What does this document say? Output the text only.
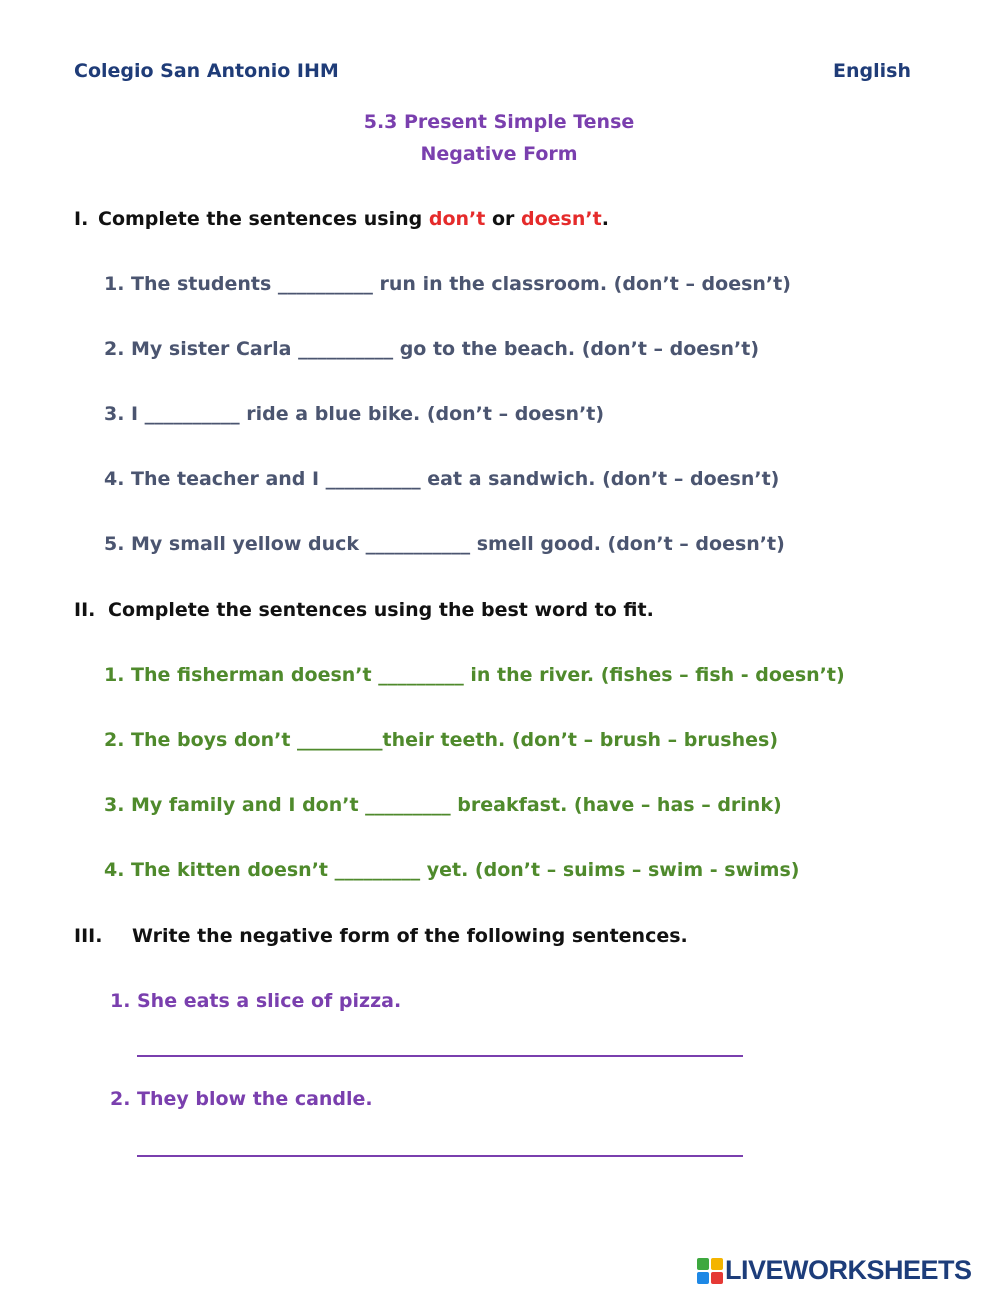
Colegio San Antonio IHM	English
5.3 Present Simple Tense
Negative Form
I. Complete the sentences using don’t or doesn’t.
1. The students __________ run in the classroom. (don’t – doesn’t)
2. My sister Carla __________ go to the beach. (don’t – doesn’t)
3. I __________ ride a blue bike. (don’t – doesn’t)
4. The teacher and I __________ eat a sandwich. (don’t – doesn’t)
5. My small yellow duck ___________ smell good. (don’t – doesn’t)
II. Complete the sentences using the best word to fit.
1. The fisherman doesn’t _________ in the river. (fishes – fish - doesn’t)
2. The boys don’t _________their teeth. (don’t – brush – brushes)
3. My family and I don’t _________ breakfast. (have – has – drink)
4. The kitten doesn’t _________ yet. (don’t – suims – swim - swims)
III. Write the negative form of the following sentences.
1. She eats a slice of pizza.
2. They blow the candle.
LIVEWORKSHEETS
